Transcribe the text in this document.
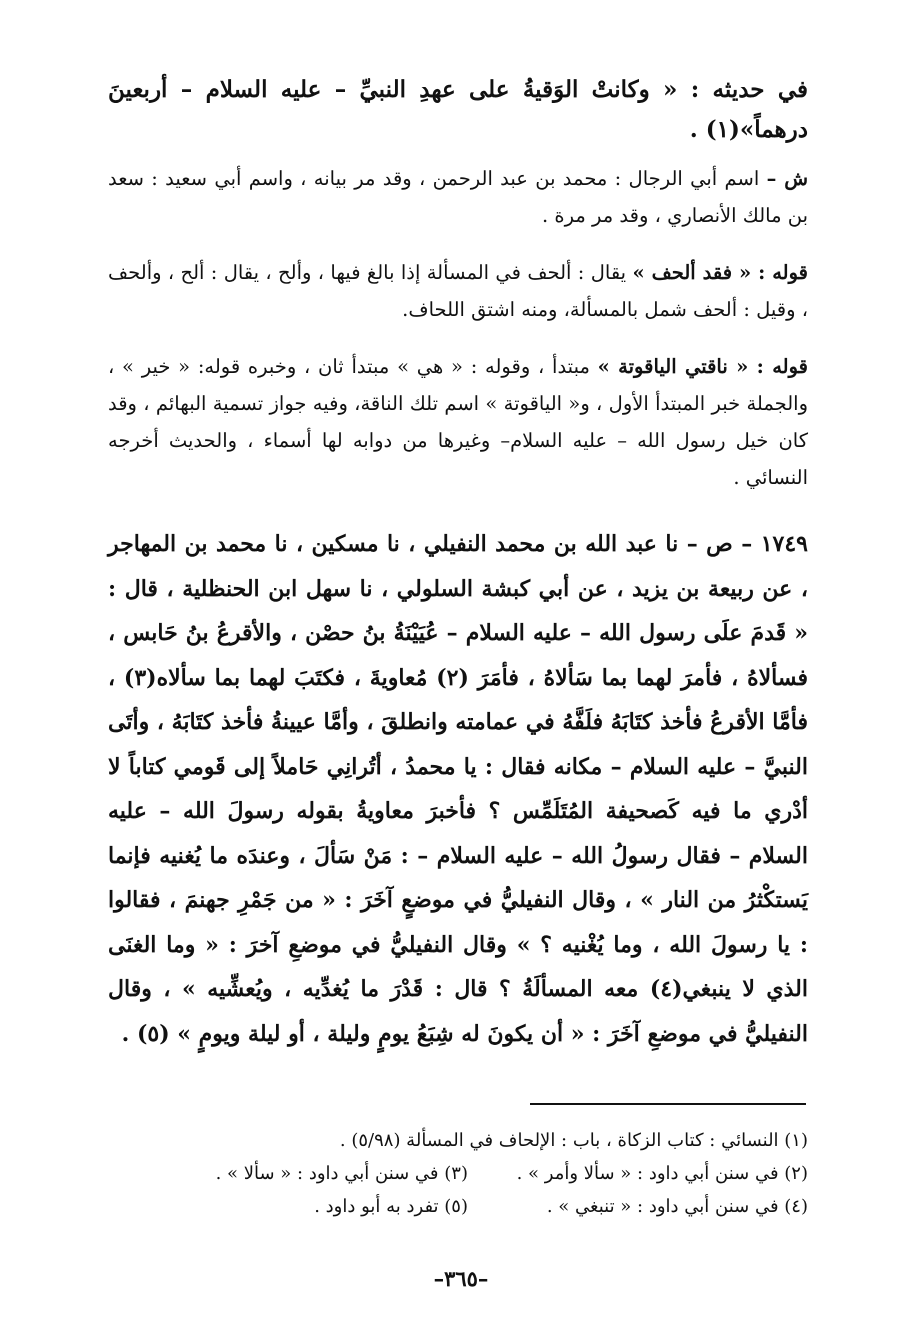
في حديثه : « وكانتْ الوَقيةُ على عهدِ النبيِّ – عليه السلام – أربعينَ درهماً»(١) .

ش – اسم أبي الرجال : محمد بن عبد الرحمن ، وقد مر بيانه ، واسم أبي سعيد : سعد بن مالك الأنصاري ، وقد مر مرة .

قوله : « فقد ألحف » يقال : ألحف في المسألة إذا بالغ فيها ، وألح ، يقال : ألح ، وألحف ، وقيل : ألحف شمل بالمسألة، ومنه اشتق اللحاف.

قوله : « ناقتي الياقوتة » مبتدأ ، وقوله : « هي » مبتدأ ثان ، وخبره قوله: « خير » ، والجملة خبر المبتدأ الأول ، و« الياقوتة » اسم تلك الناقة، وفيه جواز تسمية البهائم ، وقد كان خيل رسول الله – عليه السلام– وغيرها من دوابه لها أسماء ، والحديث أخرجه النسائي .

١٧٤٩ – ص – نا عبد الله بن محمد النفيلي ، نا مسكين ، نا محمد بن المهاجر ، عن ربيعة بن يزيد ، عن أبي كبشة السلولي ، نا سهل ابن الحنظلية ، قال : « قَدمَ علَى رسول الله – عليه السلام – عُيَيْنَةُ بنُ حصْن ، والأقرعُ بنُ حَابس ، فسألاهُ ، فأمرَ لهما بما سَألاهُ ، فأمَرَ (٢) مُعاويةَ ، فكتَبَ لهما بما سألاه(٣) ، فأمَّا الأقرعُ فأخذ كتَابَهُ فلَفَّهُ في عمامته وانطلقَ ، وأمَّا عيينةُ فأخذ كتَابَهُ ، وأتَى النبيَّ – عليه السلام – مكانه فقال : يا محمدُ ، أتُرانِي حَاملاً إلى قَومي كتاباً لا أدْري ما فيه كَصحيفة المُتَلَمِّس ؟ فأخبرَ معاويةُ بقوله رسولَ الله – عليه السلام – فقال رسولُ الله – عليه السلام – : مَنْ سَألَ ، وعندَه ما يُغنيه فإنما يَستكْثرُ من النار » ، وقال النفيليُّ في موضعٍ آخَرَ : « من جَمْرِ جهنمَ ، فقالوا : يا رسولَ الله ، وما يُغْنيه ؟ » وقال النفيليُّ في موضعِ آخرَ : « وما الغنَى الذي لا ينبغي(٤) معه المسألَةُ ؟ قال : قَدْرَ ما يُغدِّيه ، ويُعشِّيه » ، وقال النفيليُّ في موضعِ آخَرَ : « أن يكونَ له شِبَعُ يومٍ وليلة ، أو ليلة ويومٍ » (٥) .

(١) النسائي : كتاب الزكاة ، باب : الإلحاف في المسألة (٥/٩٨) .
(٢) في سنن أبي داود : « سألا وأمر » .
(٣) في سنن أبي داود : « سألا » .
(٤) في سنن أبي داود : « تنبغي » .
(٥) تفرد به أبو داود .
–٣٦٥–
